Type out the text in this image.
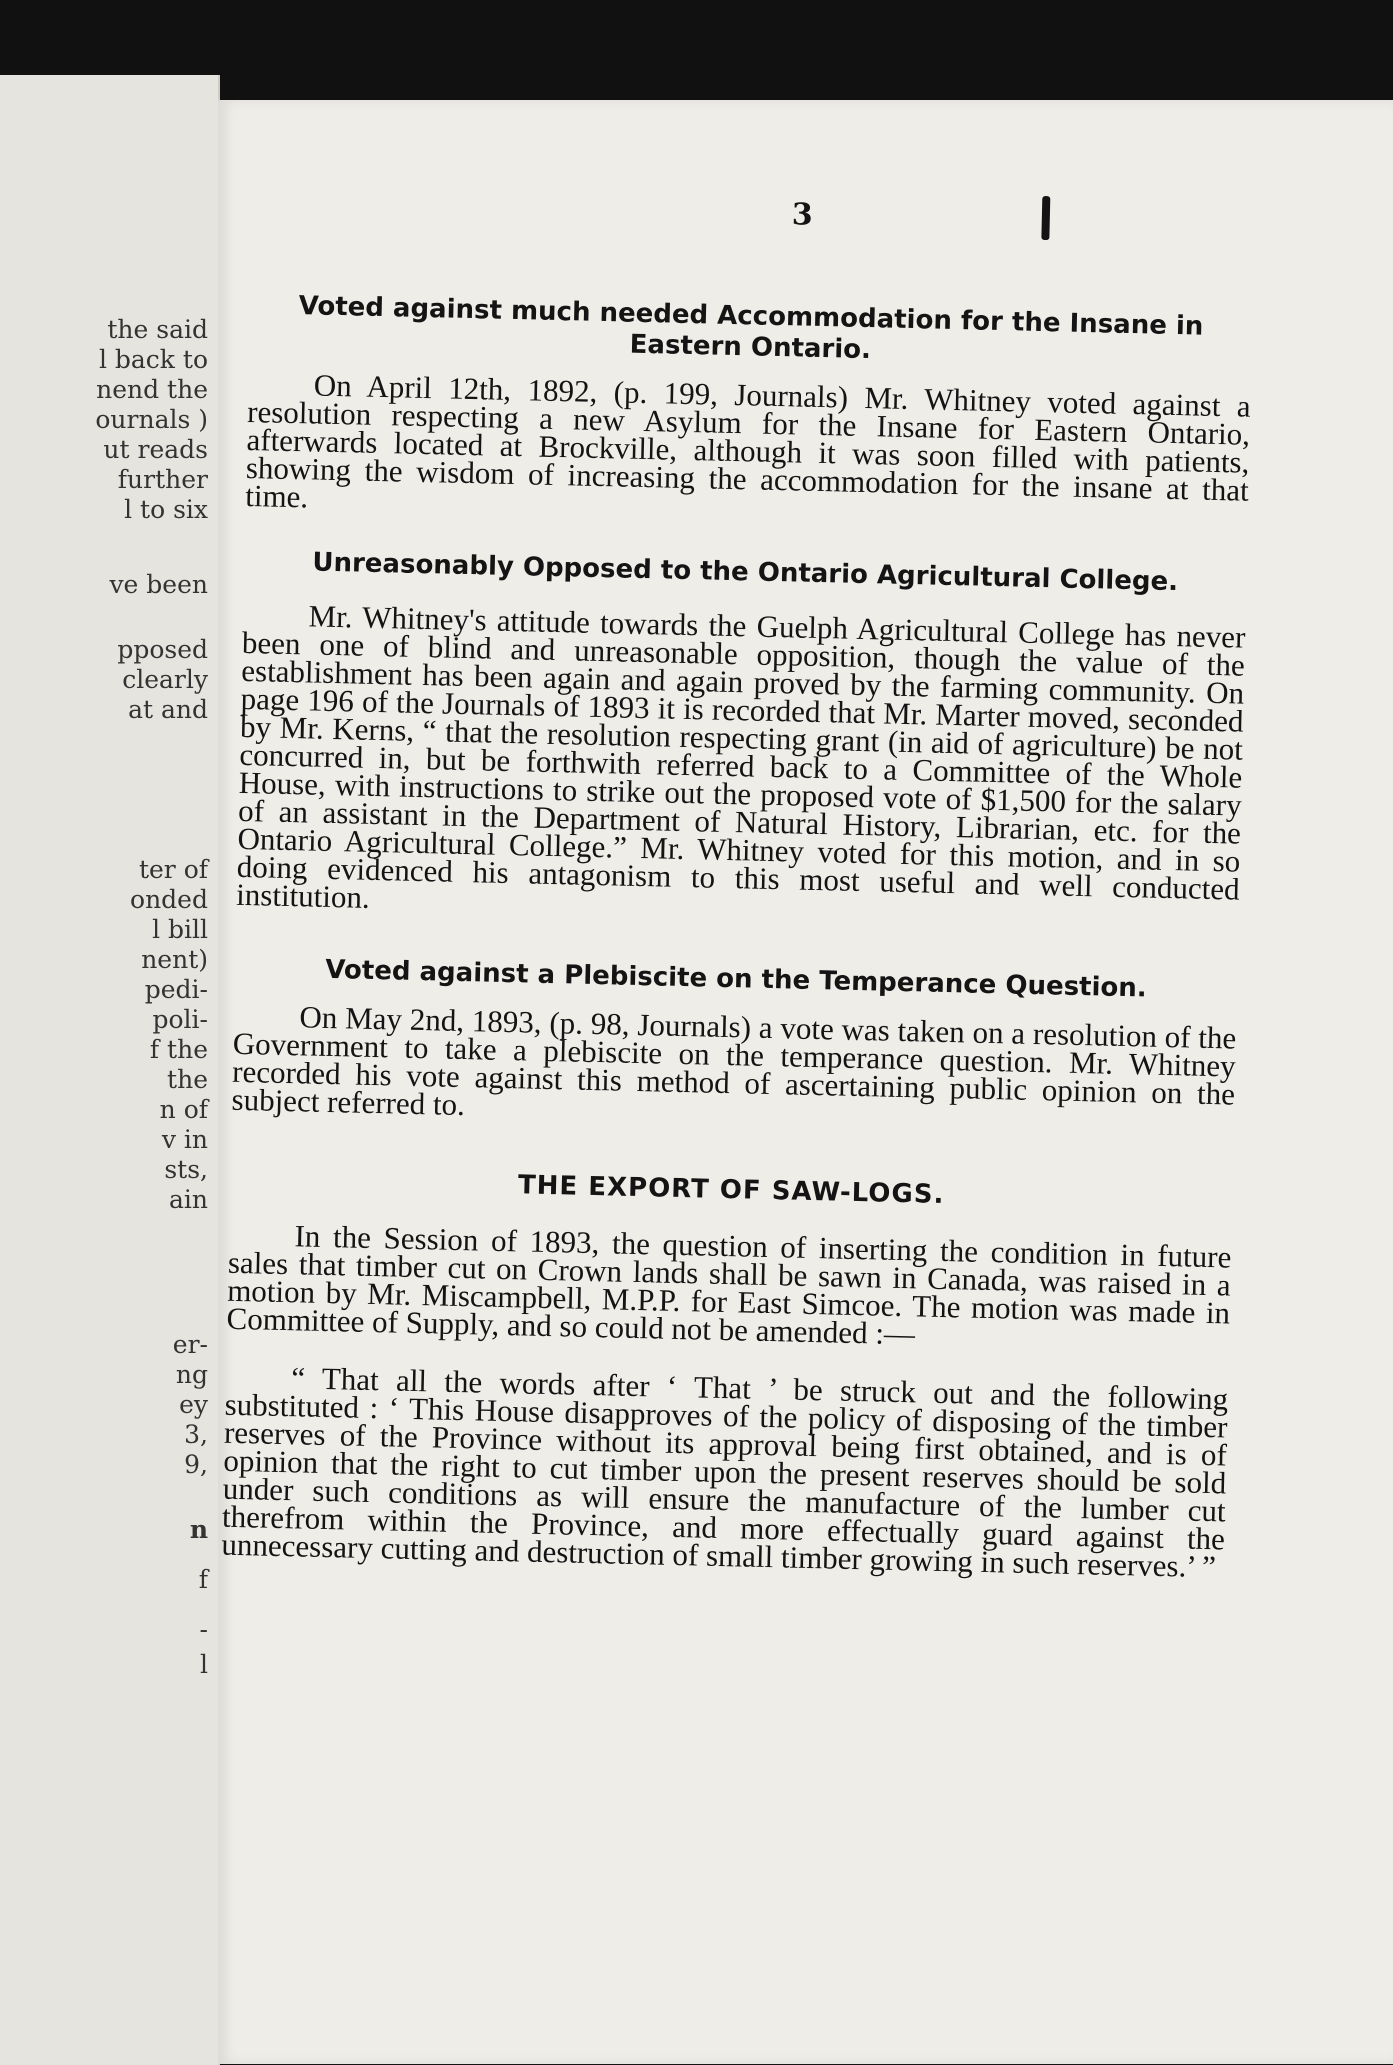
the said
l back to
nend the
ournals )
ut reads
further
l to six
ve been
pposed
clearly
at and
ter of
onded
l bill
nent)
pedi-
poli-
f the
the
n of
v in
sts,
ain
er-
ng
ey
3,
9,
n
f
-
l
3
Voted against much needed Accommodation for the Insane in Eastern Ontario.

On April 12th, 1892, (p. 199, Journals) Mr. Whitney voted against a resolution respecting a new Asylum for the Insane for Eastern Ontario, afterwards located at Brockville, although it was soon filled with patients, showing the wisdom of increasing the accommodation for the insane at that time.

Unreasonably Opposed to the Ontario Agricultural College.

Mr. Whitney's attitude towards the Guelph Agricultural College has never been one of blind and unreasonable opposition, though the value of the establishment has been again and again proved by the farming community. On page 196 of the Journals of 1893 it is recorded that Mr. Marter moved, seconded by Mr. Kerns, “ that the resolution respecting grant (in aid of agriculture) be not concurred in, but be forthwith referred back to a Committee of the Whole House, with instructions to strike out the proposed vote of $1,500 for the salary of an assistant in the Department of Natural History, Librarian, etc. for the Ontario Agricultural College.” Mr. Whitney voted for this motion, and in so doing evidenced his antagonism to this most useful and well conducted institution.

Voted against a Plebiscite on the Temperance Question.

On May 2nd, 1893, (p. 98, Journals) a vote was taken on a resolution of the Government to take a plebiscite on the temperance question. Mr. Whitney recorded his vote against this method of ascertaining public opinion on the subject referred to.

THE EXPORT OF SAW-LOGS.

In the Session of 1893, the question of inserting the condition in future sales that timber cut on Crown lands shall be sawn in Canada, was raised in a motion by Mr. Miscampbell, M.P.P. for East Simcoe. The motion was made in Committee of Supply, and so could not be amended :—

“ That all the words after ‘ That ’ be struck out and the following substituted : ‘ This House disapproves of the policy of disposing of the timber reserves of the Province without its approval being first obtained, and is of opinion that the right to cut timber upon the present reserves should be sold under such conditions as will ensure the manufacture of the lumber cut therefrom within the Province, and more effectually guard against the unnecessary cutting and destruction of small timber growing in such reserves.’ ”
